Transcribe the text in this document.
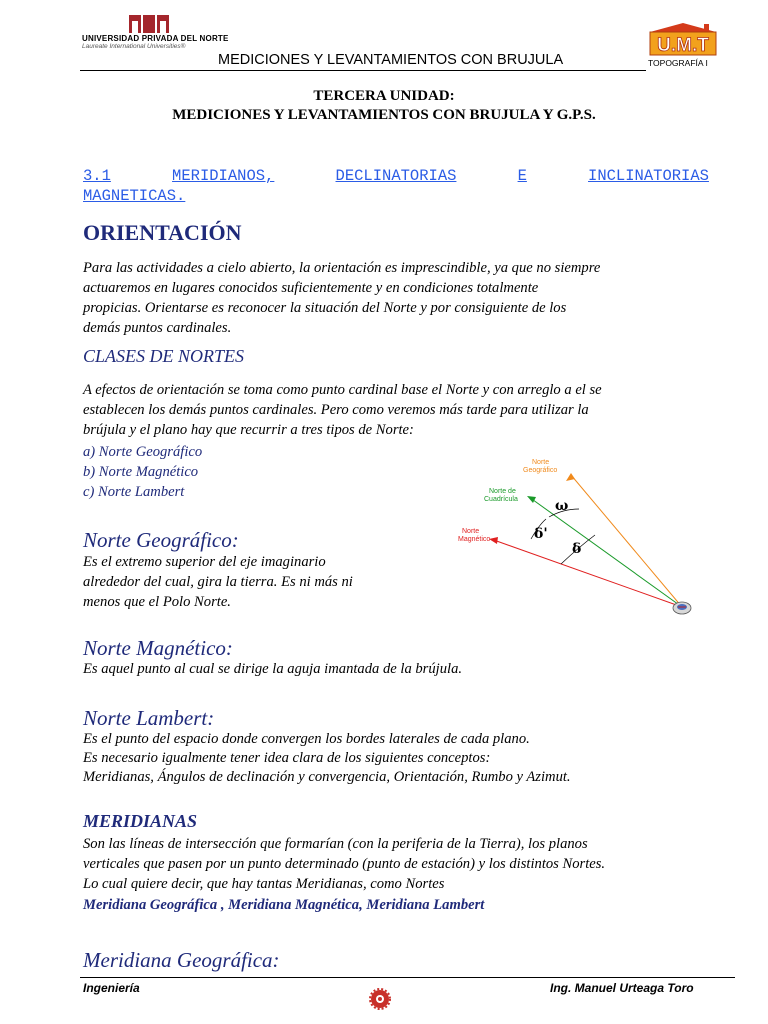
UNIVERSIDAD PRIVADA DEL NORTE
Laureate International Universities®
MEDICIONES Y LEVANTAMIENTOS CON BRUJULA
U.M.T
TOPOGRAFÍA I
TERCERA UNIDAD:
MEDICIONES Y LEVANTAMIENTOS CON BRUJULA Y G.P.S.
3.1	MERIDIANOS,	DECLINATORIAS	E	INCLINATORIAS
MAGNETICAS.
ORIENTACIÓN
Para las actividades a cielo abierto, la orientación es imprescindible, ya que no siempre
actuaremos en lugares conocidos suficientemente y en condiciones totalmente
propicias. Orientarse es reconocer la situación del Norte y por consiguiente de los
demás puntos cardinales.
CLASES DE NORTES
A efectos de orientación se toma como punto cardinal base el Norte y con arreglo a el se
establecen los demás puntos cardinales. Pero como veremos más tarde para utilizar la
brújula y el plano hay que recurrir a tres tipos de Norte:
a) Norte Geográfico
b) Norte Magnético
c) Norte Lambert
Norte
Geográfico
Norte de
Cuadrícula
Norte
Magnético
ω
δ'
δ
Norte Geográfico:
Es el extremo superior del eje imaginario
alrededor del cual, gira la tierra. Es ni más ni
menos que el Polo Norte.
Norte Magnético:
Es aquel punto al cual se dirige la aguja imantada de la brújula.
Norte Lambert:
Es el punto del espacio donde convergen los bordes laterales de cada plano.
Es necesario igualmente tener idea clara de los siguientes conceptos:
Meridianas, Ángulos de declinación y convergencia, Orientación, Rumbo y Azimut.
MERIDIANAS
Son las líneas de intersección que formarían (con la periferia de la Tierra), los planos
verticales que pasen por un punto determinado (punto de estación) y los distintos Nortes.
Lo cual quiere decir, que hay tantas Meridianas, como Nortes
Meridiana Geográfica , Meridiana Magnética, Meridiana Lambert
Meridiana Geográfica:
Ingeniería	Ing. Manuel Urteaga Toro
